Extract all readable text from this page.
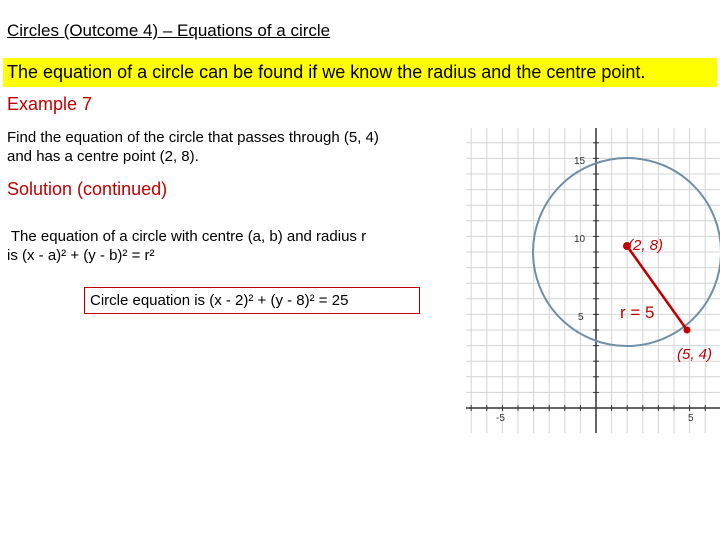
Circles (Outcome 4) – Equations of a circle
The equation of a circle can be found if we know the radius and the centre point.
Example 7
Find the equation of the circle that passes through (5, 4)
and has a centre point (2, 8).
Solution (continued)
The equation of a circle with centre (a, b) and radius r
is (x - a)² + (y - b)² = r²
Circle equation is (x - 2)² + (y - 8)² = 25
-5	5
15
10
5
(2, 8)
r = 5
(5, 4)
